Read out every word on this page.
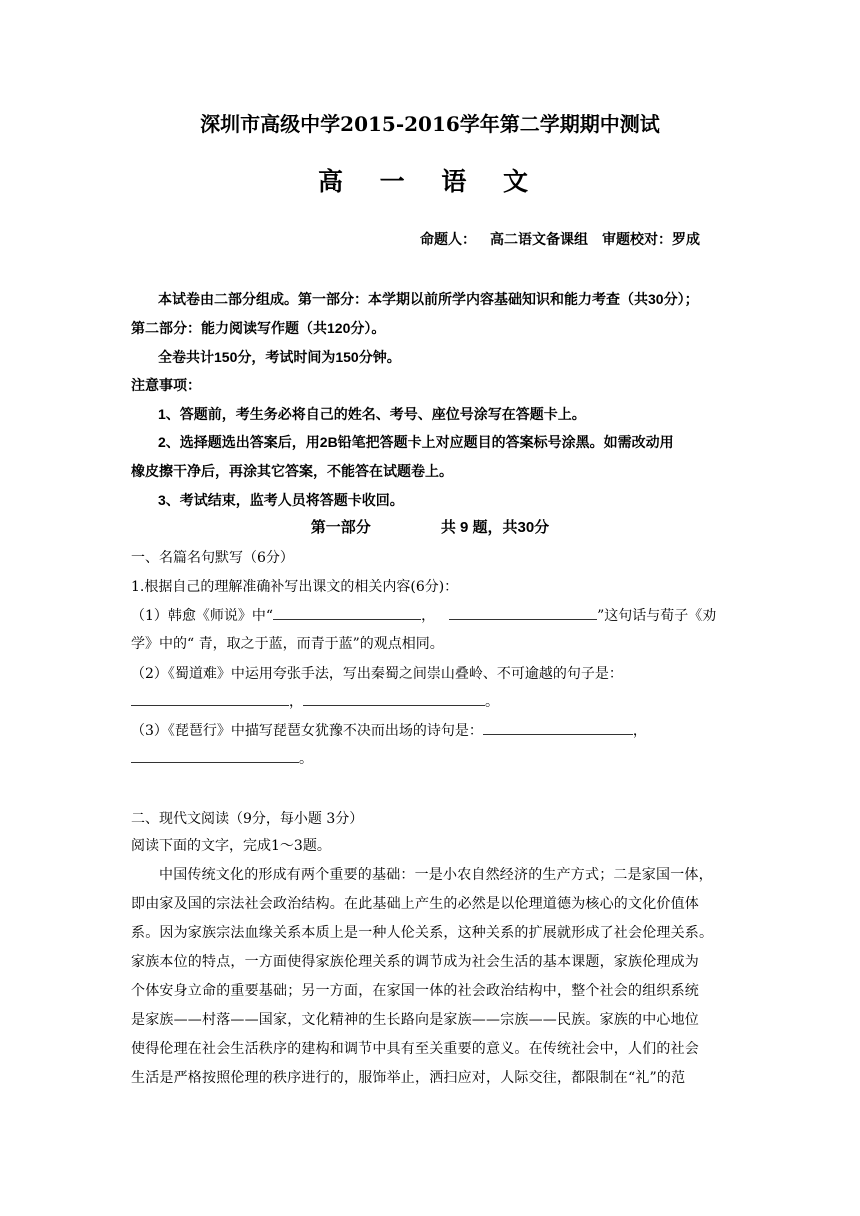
深圳市高级中学2015-2016学年第二学期期中测试
高 一 语 文
命题人： 高二语文备课组 审题校对：罗成
本试卷由二部分组成。第一部分：本学期以前所学内容基础知识和能力考查（共30分）；
第二部分：能力阅读写作题（共120分）。
全卷共计150分，考试时间为150分钟。
注意事项：
1、答题前，考生务必将自己的姓名、考号、座位号涂写在答题卡上。
2、选择题选出答案后，用2B铅笔把答题卡上对应题目的答案标号涂黑。如需改动用
橡皮擦干净后，再涂其它答案，不能答在试题卷上。
3、考试结束，监考人员将答题卡收回。
第一部分	共 9 题，共30分
一、名篇名句默写（6分）
1.根据自己的理解准确补写出课文的相关内容(6分)：
（1）韩愈《师说》中“	，	”这句话与荀子《劝
学》中的“ 青，取之于蓝，而青于蓝”的观点相同。
（2）《蜀道难》中运用夸张手法，写出秦蜀之间崇山叠岭、不可逾越的句子是：
，	。
（3）《琵琶行》中描写琵琶女犹豫不决而出场的诗句是：	，
。
二、现代文阅读（9分，每小题 3分）
阅读下面的文字，完成1～3题。
中国传统文化的形成有两个重要的基础：一是小农自然经济的生产方式；二是家国一体，
即由家及国的宗法社会政治结构。在此基础上产生的必然是以伦理道德为核心的文化价值体
系。因为家族宗法血缘关系本质上是一种人伦关系，这种关系的扩展就形成了社会伦理关系。
家族本位的特点，一方面使得家族伦理关系的调节成为社会生活的基本课题，家族伦理成为
个体安身立命的重要基础；另一方面，在家国一体的社会政治结构中，整个社会的组织系统
是家族——村落——国家，文化精神的生长路向是家族——宗族——民族。家族的中心地位
使得伦理在社会生活秩序的建构和调节中具有至关重要的意义。在传统社会中，人们的社会
生活是严格按照伦理的秩序进行的，服饰举止，洒扫应对，人际交往，都限制在“礼”的范
